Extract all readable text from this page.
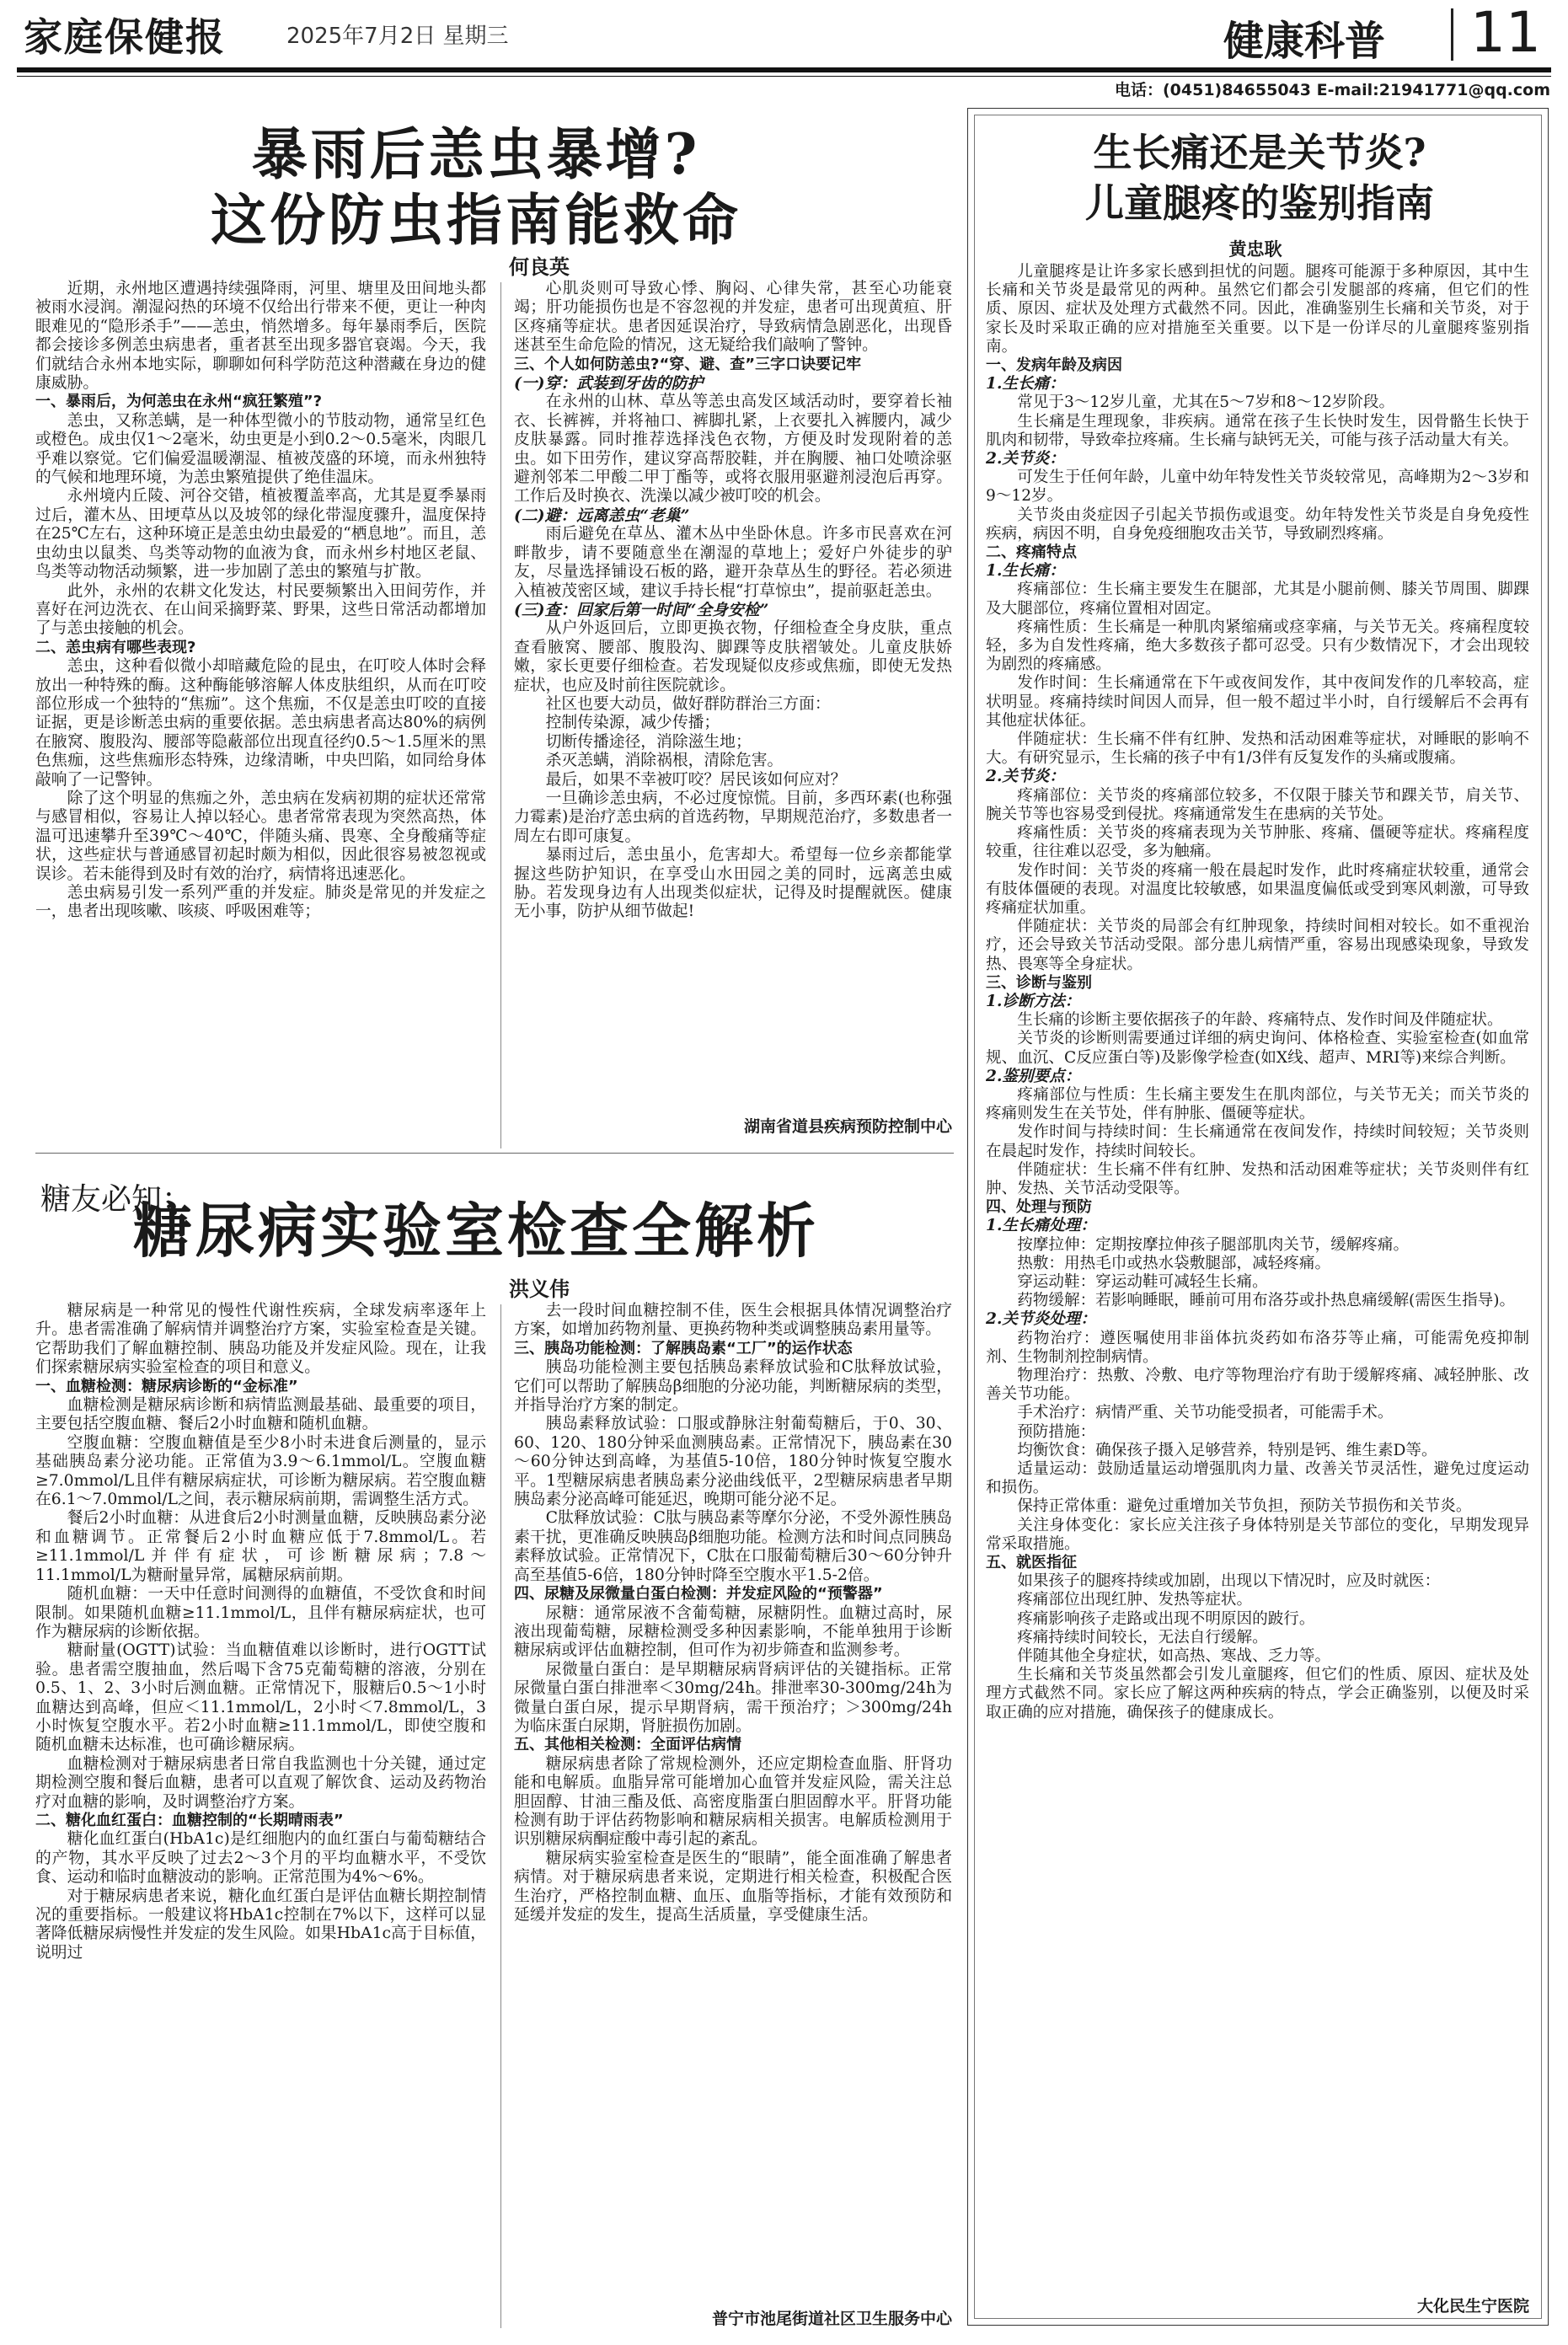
家庭保健报	2025年7月2日 星期三	健康科普 11
电话：(0451)84655043 E-mail:21941771@qq.com
暴雨后恙虫暴增?
这份防虫指南能救命
何良英

近期，永州地区遭遇持续强降雨，河里、塘里及田间地头都被雨水浸润。潮湿闷热的环境不仅给出行带来不便，更让一种肉眼难见的“隐形杀手”——恙虫，悄然增多。每年暴雨季后，医院都会接诊多例恙虫病患者，重者甚至出现多器官衰竭。今天，我们就结合永州本地实际，聊聊如何科学防范这种潜藏在身边的健康威胁。

一、暴雨后，为何恙虫在永州“疯狂繁殖”?

恙虫，又称恙螨，是一种体型微小的节肢动物，通常呈红色或橙色。成虫仅1～2毫米，幼虫更是小到0.2～0.5毫米，肉眼几乎难以察觉。它们偏爱温暖潮湿、植被茂盛的环境，而永州独特的气候和地理环境，为恙虫繁殖提供了绝佳温床。

永州境内丘陵、河谷交错，植被覆盖率高，尤其是夏季暴雨过后，灌木丛、田埂草丛以及坡邻的绿化带湿度骤升，温度保持在25℃左右，这种环境正是恙虫幼虫最爱的“栖息地”。而且，恙虫幼虫以鼠类、鸟类等动物的血液为食，而永州乡村地区老鼠、鸟类等动物活动频繁，进一步加剧了恙虫的繁殖与扩散。

此外，永州的农耕文化发达，村民要频繁出入田间劳作，并喜好在河边洗衣、在山间采摘野菜、野果，这些日常活动都增加了与恙虫接触的机会。

二、恙虫病有哪些表现?

恙虫，这种看似微小却暗藏危险的昆虫，在叮咬人体时会释放出一种特殊的酶。这种酶能够溶解人体皮肤组织，从而在叮咬部位形成一个独特的“焦痂”。这个焦痂，不仅是恙虫叮咬的直接证据，更是诊断恙虫病的重要依据。恙虫病患者高达80%的病例在腋窝、腹股沟、腰部等隐蔽部位出现直径约0.5～1.5厘米的黑色焦痂，这些焦痂形态特殊，边缘清晰，中央凹陷，如同给身体敲响了一记警钟。

除了这个明显的焦痂之外，恙虫病在发病初期的症状还常常与感冒相似，容易让人掉以轻心。患者常常表现为突然高热，体温可迅速攀升至39℃～40℃，伴随头痛、畏寒、全身酸痛等症状，这些症状与普通感冒初起时颇为相似，因此很容易被忽视或误诊。若未能得到及时有效的治疗，病情将迅速恶化。

恙虫病易引发一系列严重的并发症。肺炎是常见的并发症之一，患者出现咳嗽、咳痰、呼吸困难等；

心肌炎则可导致心悸、胸闷、心律失常，甚至心功能衰竭；肝功能损伤也是不容忽视的并发症，患者可出现黄疸、肝区疼痛等症状。患者因延误治疗，导致病情急剧恶化，出现昏迷甚至生命危险的情况，这无疑给我们敲响了警钟。

三、个人如何防恙虫?“穿、避、查”三字口诀要记牢

(一)穿：武装到牙齿的防护

在永州的山林、草丛等恙虫高发区域活动时，要穿着长袖衣、长裤裤，并将袖口、裤脚扎紧，上衣要扎入裤腰内，减少皮肤暴露。同时推荐选择浅色衣物，方便及时发现附着的恙虫。如下田劳作，建议穿高帮胶鞋，并在胸腰、袖口处喷涂驱避剂邻苯二甲酸二甲丁酯等，或将衣服用驱避剂浸泡后再穿。工作后及时换衣、洗澡以减少被叮咬的机会。

(二)避：远离恙虫“老巢”

雨后避免在草丛、灌木丛中坐卧休息。许多市民喜欢在河畔散步，请不要随意坐在潮湿的草地上；爱好户外徒步的驴友，尽量选择铺设石板的路，避开杂草丛生的野径。若必须进入植被茂密区域，建议手持长棍“打草惊虫”，提前驱赶恙虫。

(三)查：回家后第一时间“全身安检”

从户外返回后，立即更换衣物，仔细检查全身皮肤，重点查看腋窝、腰部、腹股沟、脚踝等皮肤褶皱处。儿童皮肤娇嫩，家长更要仔细检查。若发现疑似皮疹或焦痂，即使无发热症状，也应及时前往医院就诊。

社区也要大动员，做好群防群治三方面：

控制传染源，减少传播；

切断传播途径，消除滋生地；

杀灭恙螨，消除祸根，清除危害。

最后，如果不幸被叮咬？居民该如何应对？

一旦确诊恙虫病，不必过度惊慌。目前，多西环素(也称强力霉素)是治疗恙虫病的首选药物，早期规范治疗，多数患者一周左右即可康复。

暴雨过后，恙虫虽小，危害却大。希望每一位乡亲都能掌握这些防护知识，在享受山水田园之美的同时，远离恙虫威胁。若发现身边有人出现类似症状，记得及时提醒就医。健康无小事，防护从细节做起!

湖南省道县疾病预防控制中心
糖友必知：
糖尿病实验室检查全解析
洪义伟

糖尿病是一种常见的慢性代谢性疾病，全球发病率逐年上升。患者需准确了解病情并调整治疗方案，实验室检查是关键。它帮助我们了解血糖控制、胰岛功能及并发症风险。现在，让我们探索糖尿病实验室检查的项目和意义。

一、血糖检测：糖尿病诊断的“金标准”

血糖检测是糖尿病诊断和病情监测最基础、最重要的项目，主要包括空腹血糖、餐后2小时血糖和随机血糖。

空腹血糖：空腹血糖值是至少8小时未进食后测量的，显示基础胰岛素分泌功能。正常值为3.9～6.1mmol/L。空腹血糖≥7.0mmol/L且伴有糖尿病症状，可诊断为糖尿病。若空腹血糖在6.1～7.0mmol/L之间，表示糖尿病前期，需调整生活方式。

餐后2小时血糖：从进食后2小时测量血糖，反映胰岛素分泌和血糖调节。正常餐后2小时血糖应低于7.8mmol/L。若≥11.1mmol/L并伴有症状，可诊断糖尿病；7.8～11.1mmol/L为糖耐量异常，属糖尿病前期。

随机血糖：一天中任意时间测得的血糖值，不受饮食和时间限制。如果随机血糖≥11.1mmol/L，且伴有糖尿病症状，也可作为糖尿病的诊断依据。

糖耐量(OGTT)试验：当血糖值难以诊断时，进行OGTT试验。患者需空腹抽血，然后喝下含75克葡萄糖的溶液，分别在0.5、1、2、3小时后测血糖。正常情况下，服糖后0.5～1小时血糖达到高峰，但应＜11.1mmol/L，2小时＜7.8mmol/L，3小时恢复空腹水平。若2小时血糖≥11.1mmol/L，即使空腹和随机血糖未达标准，也可确诊糖尿病。

血糖检测对于糖尿病患者日常自我监测也十分关键，通过定期检测空腹和餐后血糖，患者可以直观了解饮食、运动及药物治疗对血糖的影响，及时调整治疗方案。

二、糖化血红蛋白：血糖控制的“长期晴雨表”

糖化血红蛋白(HbA1c)是红细胞内的血红蛋白与葡萄糖结合的产物，其水平反映了过去2～3个月的平均血糖水平，不受饮食、运动和临时血糖波动的影响。正常范围为4%～6%。

对于糖尿病患者来说，糖化血红蛋白是评估血糖长期控制情况的重要指标。一般建议将HbA1c控制在7%以下，这样可以显著降低糖尿病慢性并发症的发生风险。如果HbA1c高于目标值，说明过

去一段时间血糖控制不佳，医生会根据具体情况调整治疗方案，如增加药物剂量、更换药物种类或调整胰岛素用量等。

三、胰岛功能检测：了解胰岛素“工厂”的运作状态

胰岛功能检测主要包括胰岛素释放试验和C肽释放试验，它们可以帮助了解胰岛β细胞的分泌功能，判断糖尿病的类型，并指导治疗方案的制定。

胰岛素释放试验：口服或静脉注射葡萄糖后，于0、30、60、120、180分钟采血测胰岛素。正常情况下，胰岛素在30～60分钟达到高峰，为基值5-10倍，180分钟时恢复空腹水平。1型糖尿病患者胰岛素分泌曲线低平，2型糖尿病患者早期胰岛素分泌高峰可能延迟，晚期可能分泌不足。

C肽释放试验：C肽与胰岛素等摩尔分泌，不受外源性胰岛素干扰，更准确反映胰岛β细胞功能。检测方法和时间点同胰岛素释放试验。正常情况下，C肽在口服葡萄糖后30～60分钟升高至基值5-6倍，180分钟时降至空腹水平1.5-2倍。

四、尿糖及尿微量白蛋白检测：并发症风险的“预警器”

尿糖：通常尿液不含葡萄糖，尿糖阴性。血糖过高时，尿液出现葡萄糖，尿糖检测受多种因素影响，不能单独用于诊断糖尿病或评估血糖控制，但可作为初步筛查和监测参考。

尿微量白蛋白：是早期糖尿病肾病评估的关键指标。正常尿微量白蛋白排泄率＜30mg/24h。排泄率30-300mg/24h为微量白蛋白尿，提示早期肾病，需干预治疗；＞300mg/24h为临床蛋白尿期，肾脏损伤加剧。

五、其他相关检测：全面评估病情

糖尿病患者除了常规检测外，还应定期检查血脂、肝肾功能和电解质。血脂异常可能增加心血管并发症风险，需关注总胆固醇、甘油三酯及低、高密度脂蛋白胆固醇水平。肝肾功能检测有助于评估药物影响和糖尿病相关损害。电解质检测用于识别糖尿病酮症酸中毒引起的紊乱。

糖尿病实验室检查是医生的“眼睛”，能全面准确了解患者病情。对于糖尿病患者来说，定期进行相关检查，积极配合医生治疗，严格控制血糖、血压、血脂等指标，才能有效预防和延缓并发症的发生，提高生活质量，享受健康生活。

普宁市池尾街道社区卫生服务中心
生长痛还是关节炎?
儿童腿疼的鉴别指南
黄忠耿

儿童腿疼是让许多家长感到担忧的问题。腿疼可能源于多种原因，其中生长痛和关节炎是最常见的两种。虽然它们都会引发腿部的疼痛，但它们的性质、原因、症状及处理方式截然不同。因此，准确鉴别生长痛和关节炎，对于家长及时采取正确的应对措施至关重要。以下是一份详尽的儿童腿疼鉴别指南。

一、发病年龄及病因

1.生长痛：

常见于3～12岁儿童，尤其在5～7岁和8～12岁阶段。

生长痛是生理现象，非疾病。通常在孩子生长快时发生，因骨骼生长快于肌肉和韧带，导致牵拉疼痛。生长痛与缺钙无关，可能与孩子活动量大有关。

2.关节炎：

可发生于任何年龄，儿童中幼年特发性关节炎较常见，高峰期为2～3岁和9～12岁。

关节炎由炎症因子引起关节损伤或退变。幼年特发性关节炎是自身免疫性疾病，病因不明，自身免疫细胞攻击关节，导致刷烈疼痛。

二、疼痛特点

1.生长痛：

疼痛部位：生长痛主要发生在腿部，尤其是小腿前侧、膝关节周围、脚踝及大腿部位，疼痛位置相对固定。

疼痛性质：生长痛是一种肌肉紧缩痛或痉挛痛，与关节无关。疼痛程度较轻，多为自发性疼痛，绝大多数孩子都可忍受。只有少数情况下，才会出现较为剧烈的疼痛感。

发作时间：生长痛通常在下午或夜间发作，其中夜间发作的几率较高，症状明显。疼痛持续时间因人而异，但一般不超过半小时，自行缓解后不会再有其他症状体征。

伴随症状：生长痛不伴有红肿、发热和活动困难等症状，对睡眠的影响不大。有研究显示，生长痛的孩子中有1/3伴有反复发作的头痛或腹痛。

2.关节炎：

疼痛部位：关节炎的疼痛部位较多，不仅限于膝关节和踝关节，肩关节、腕关节等也容易受到侵扰。疼痛通常发生在患病的关节处。

疼痛性质：关节炎的疼痛表现为关节肿胀、疼痛、僵硬等症状。疼痛程度较重，往往难以忍受，多为触痛。

发作时间：关节炎的疼痛一般在晨起时发作，此时疼痛症状较重，通常会有肢体僵硬的表现。对温度比较敏感，如果温度偏低或受到寒风刺激，可导致疼痛症状加重。

伴随症状：关节炎的局部会有红肿现象，持续时间相对较长。如不重视治疗，还会导致关节活动受限。部分患儿病情严重，容易出现感染现象，导致发热、畏寒等全身症状。

三、诊断与鉴别

1.诊断方法：

生长痛的诊断主要依据孩子的年龄、疼痛特点、发作时间及伴随症状。

关节炎的诊断则需要通过详细的病史询问、体格检查、实验室检查(如血常规、血沉、C反应蛋白等)及影像学检查(如X线、超声、MRI等)来综合判断。

2.鉴别要点：

疼痛部位与性质：生长痛主要发生在肌肉部位，与关节无关；而关节炎的疼痛则发生在关节处，伴有肿胀、僵硬等症状。

发作时间与持续时间：生长痛通常在夜间发作，持续时间较短；关节炎则在晨起时发作，持续时间较长。

伴随症状：生长痛不伴有红肿、发热和活动困难等症状；关节炎则伴有红肿、发热、关节活动受限等。

四、处理与预防

1.生长痛处理：

按摩拉伸：定期按摩拉伸孩子腿部肌肉关节，缓解疼痛。

热敷：用热毛巾或热水袋敷腿部，减轻疼痛。

穿运动鞋：穿运动鞋可减轻生长痛。

药物缓解：若影响睡眠，睡前可用布洛芬或扑热息痛缓解(需医生指导)。

2.关节炎处理：

药物治疗：遵医嘱使用非甾体抗炎药如布洛芬等止痛，可能需免疫抑制剂、生物制剂控制病情。

物理治疗：热敷、冷敷、电疗等物理治疗有助于缓解疼痛、减轻肿胀、改善关节功能。

手术治疗：病情严重、关节功能受损者，可能需手术。

预防措施：

均衡饮食：确保孩子摄入足够营养，特别是钙、维生素D等。

适量运动：鼓励适量运动增强肌肉力量、改善关节灵活性，避免过度运动和损伤。

保持正常体重：避免过重增加关节负担，预防关节损伤和关节炎。

关注身体变化：家长应关注孩子身体特别是关节部位的变化，早期发现异常采取措施。

五、就医指征

如果孩子的腿疼持续或加剧，出现以下情况时，应及时就医：

疼痛部位出现红肿、发热等症状。

疼痛影响孩子走路或出现不明原因的跛行。

疼痛持续时间较长，无法自行缓解。

伴随其他全身症状，如高热、寒战、乏力等。

生长痛和关节炎虽然都会引发儿童腿疼，但它们的性质、原因、症状及处理方式截然不同。家长应了解这两种疾病的特点，学会正确鉴别，以便及时采取正确的应对措施，确保孩子的健康成长。

大化民生宁医院
